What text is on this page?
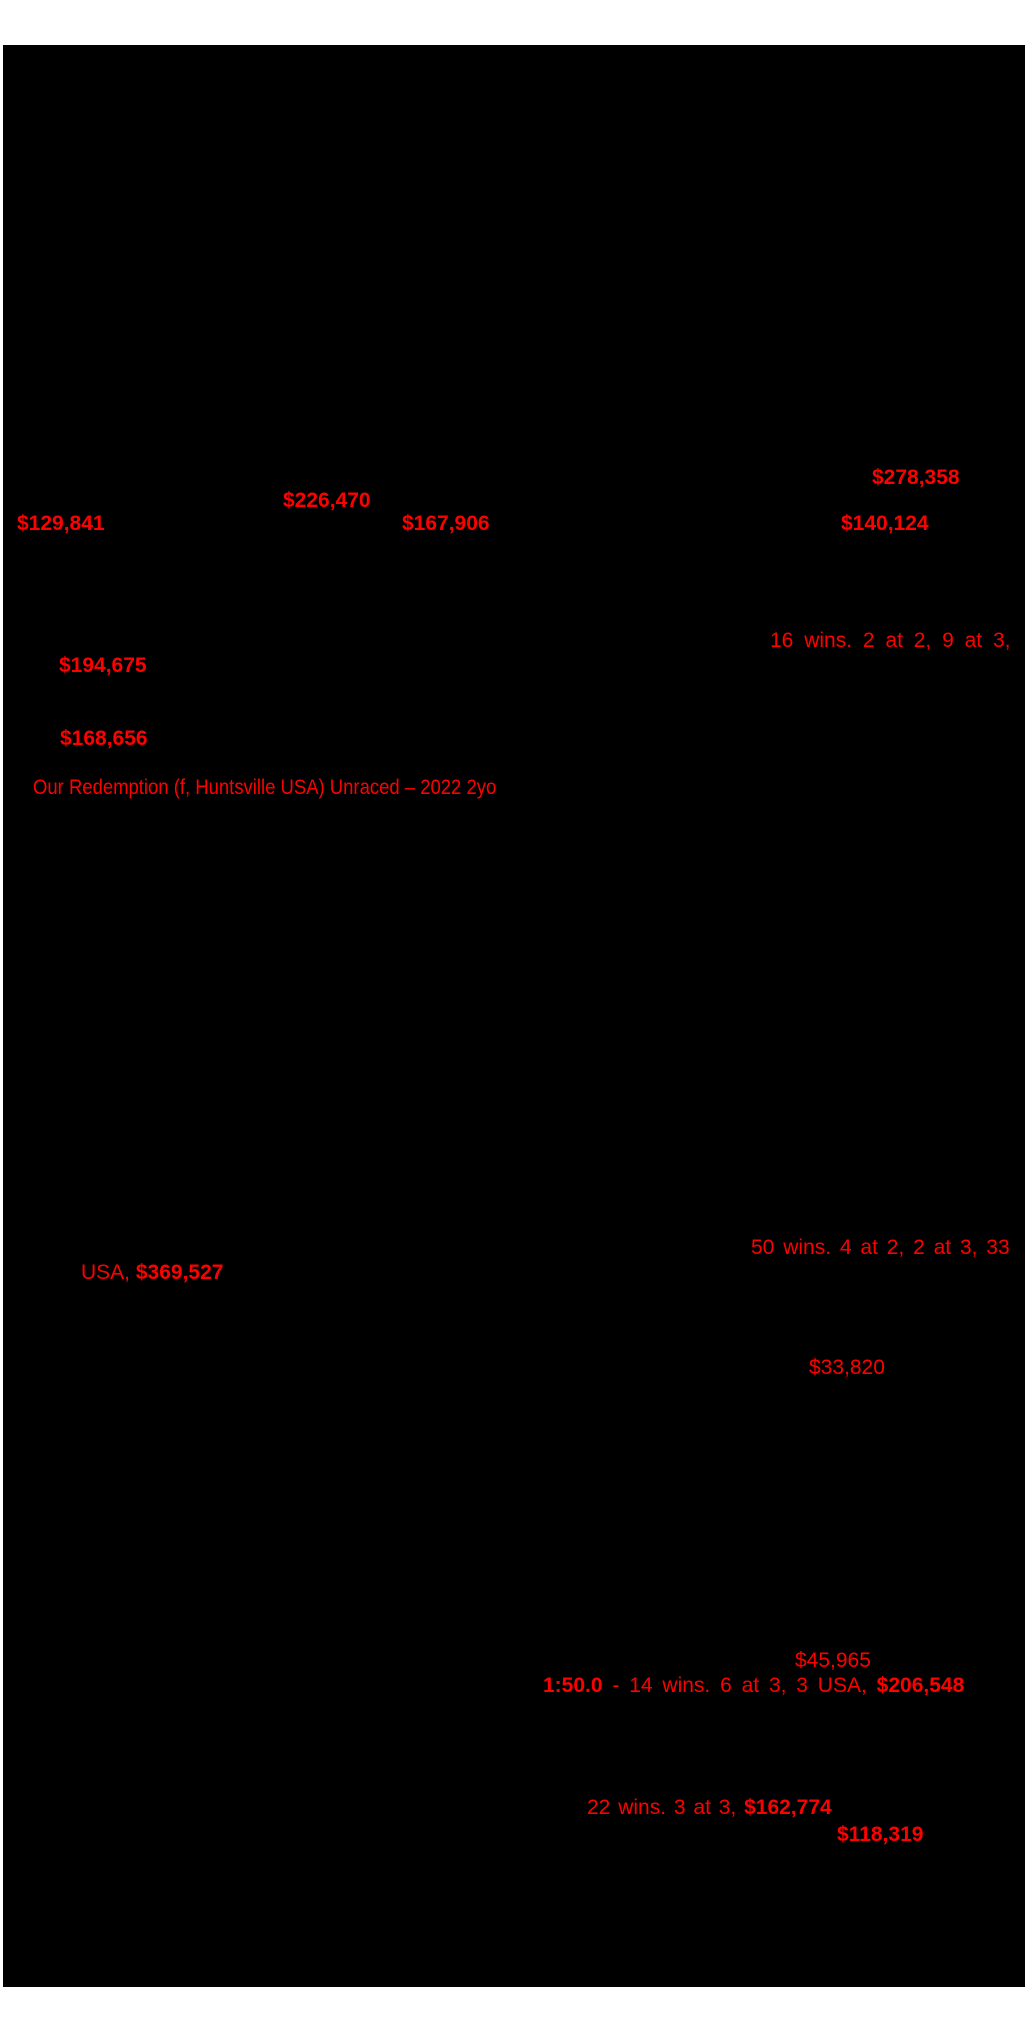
$278,358
$226,470
$129,841	$167,906	$140,124
16 wins. 2 at 2, 9 at 3,
$194,675
$168,656
Our Redemption (f, Huntsville USA) Unraced – 2022 2yo
50 wins. 4 at 2, 2 at 3, 33
USA, $369,527
$33,820
$45,965
1:50.0 - 14 wins. 6 at 3, 3 USA, $206,548
22 wins. 3 at 3, $162,774
$118,319
